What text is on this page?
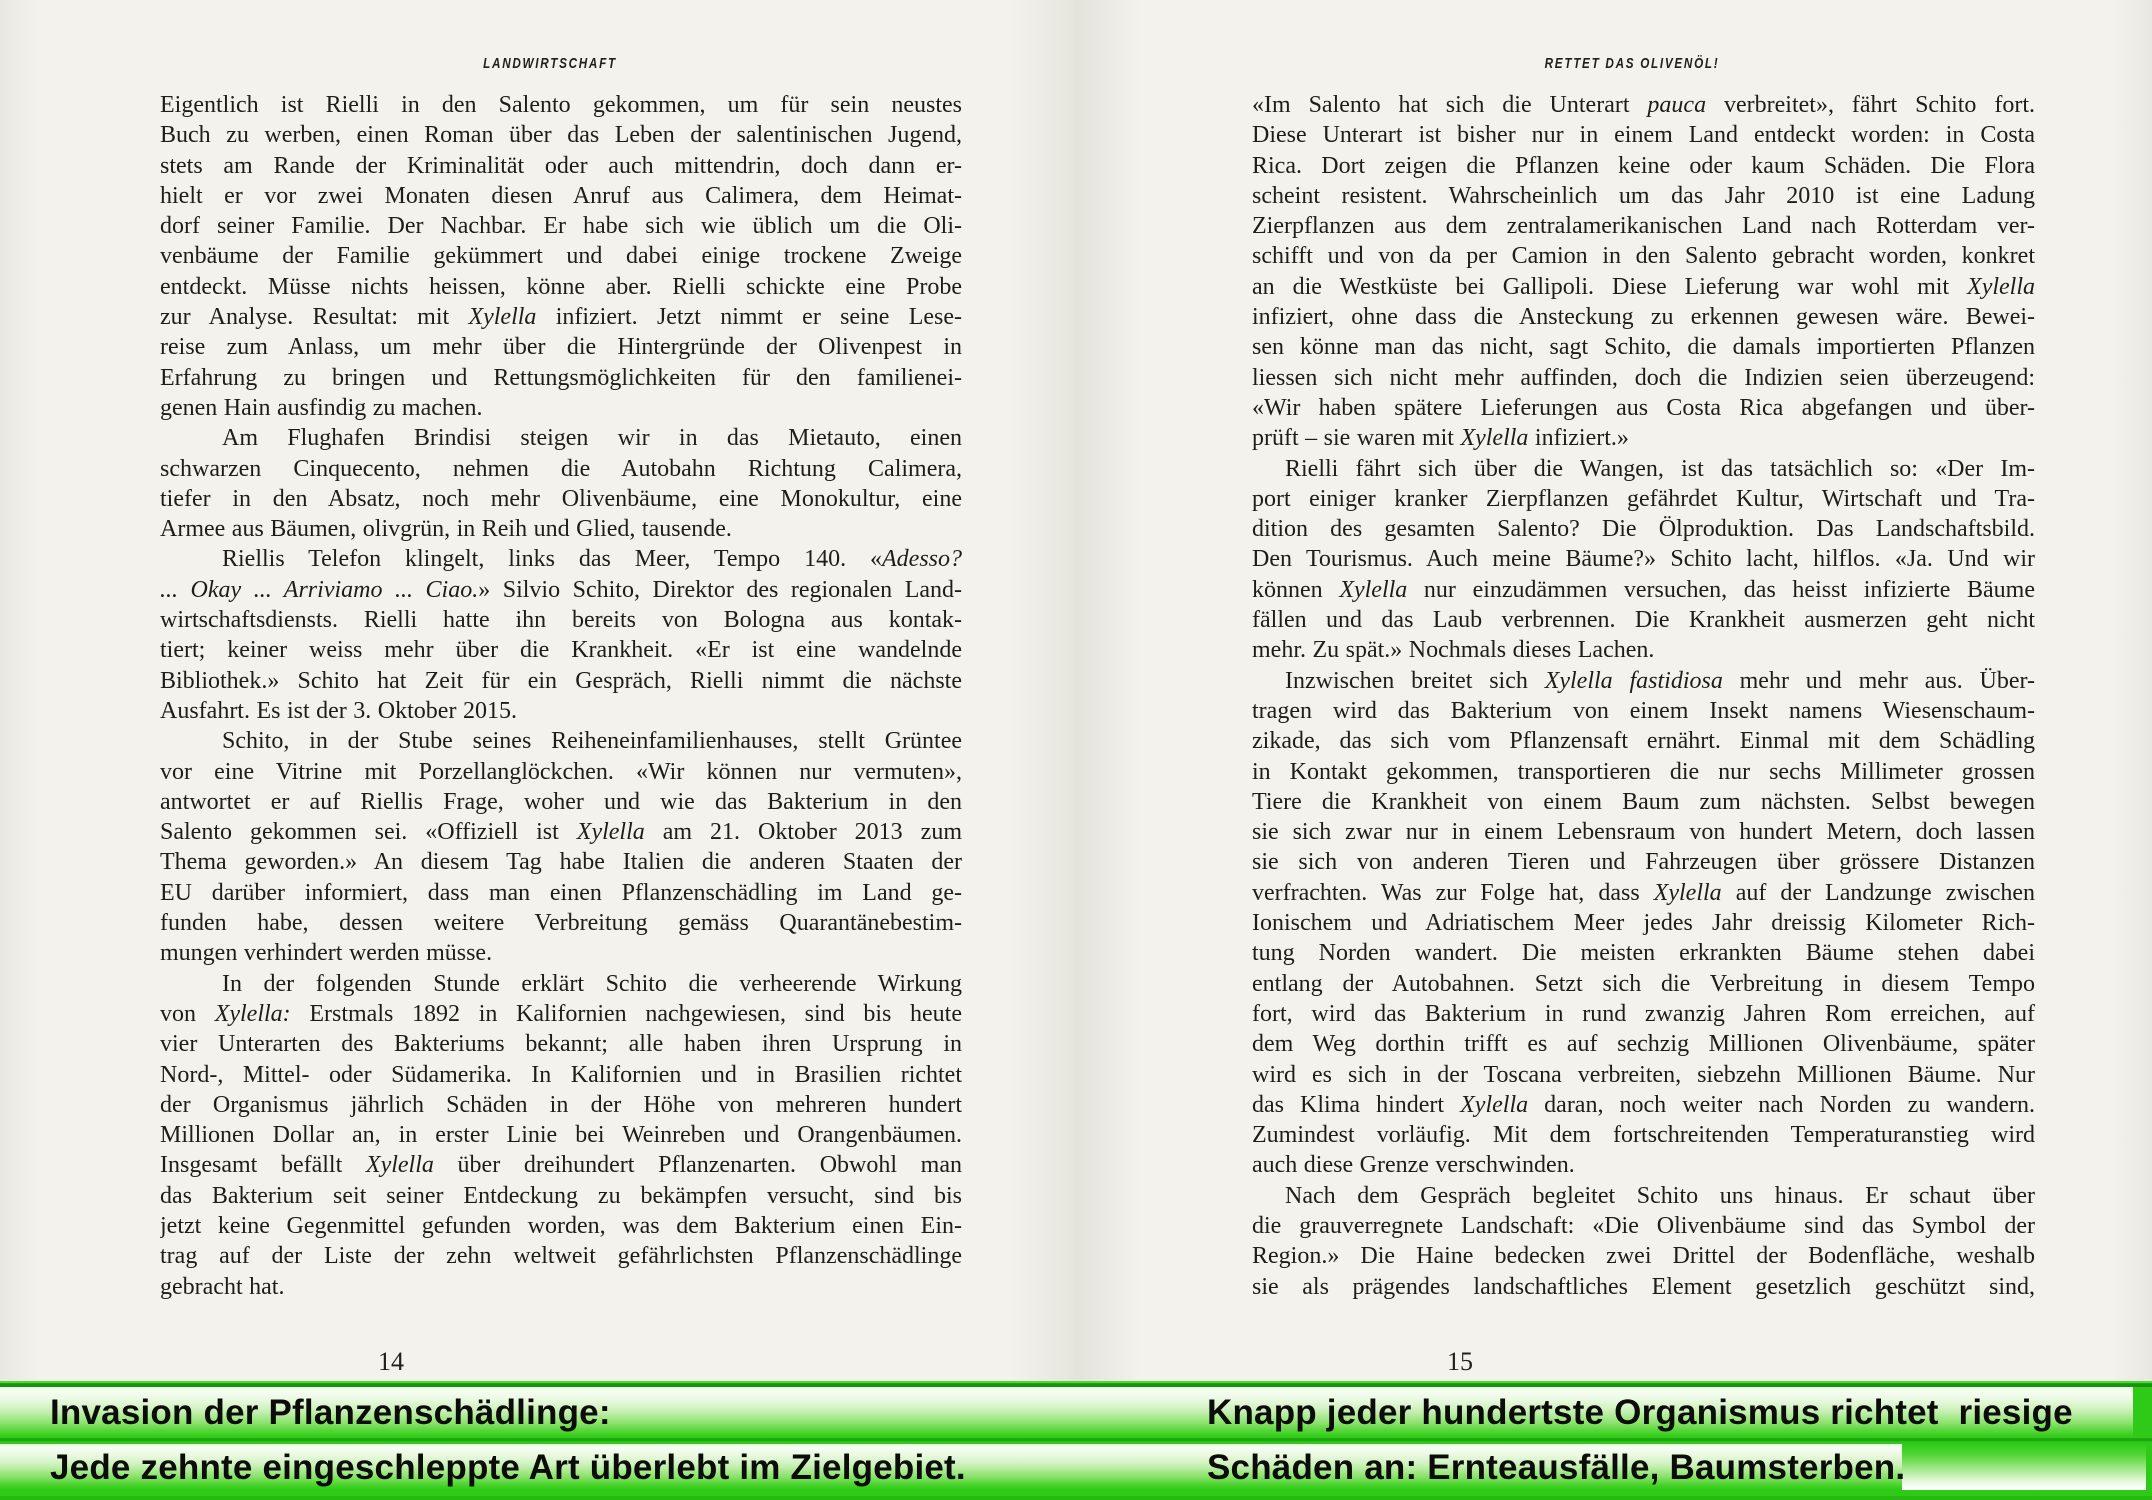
LANDWIRTSCHAFT	RETTET DAS OLIVENÖL!
Eigentlich ist Rielli in den Salento gekommen, um für sein neustes
Buch zu werben, einen Roman über das Leben der salentinischen Jugend,
stets am Rande der Kriminalität oder auch mittendrin, doch dann er-
hielt er vor zwei Monaten diesen Anruf aus Calimera, dem Heimat-
dorf seiner Familie. Der Nachbar. Er habe sich wie üblich um die Oli-
venbäume der Familie gekümmert und dabei einige trockene Zweige
entdeckt. Müsse nichts heissen, könne aber. Rielli schickte eine Probe
zur Analyse. Resultat: mit Xylella infiziert. Jetzt nimmt er seine Lese-
reise zum Anlass, um mehr über die Hintergründe der Olivenpest in
Erfahrung zu bringen und Rettungsmöglichkeiten für den familienei-
genen Hain ausfindig zu machen.
Am Flughafen Brindisi steigen wir in das Mietauto, einen
schwarzen Cinquecento, nehmen die Autobahn Richtung Calimera,
tiefer in den Absatz, noch mehr Olivenbäume, eine Monokultur, eine
Armee aus Bäumen, olivgrün, in Reih und Glied, tausende.
Riellis Telefon klingelt, links das Meer, Tempo 140. «Adesso?
... Okay ... Arriviamo ... Ciao.» Silvio Schito, Direktor des regionalen Land-
wirtschaftsdiensts. Rielli hatte ihn bereits von Bologna aus kontak-
tiert; keiner weiss mehr über die Krankheit. «Er ist eine wandelnde
Bibliothek.» Schito hat Zeit für ein Gespräch, Rielli nimmt die nächste
Ausfahrt. Es ist der 3. Oktober 2015.
Schito, in der Stube seines Reiheneinfamilienhauses, stellt Grüntee
vor eine Vitrine mit Porzellanglöckchen. «Wir können nur vermuten»,
antwortet er auf Riellis Frage, woher und wie das Bakterium in den
Salento gekommen sei. «Offiziell ist Xylella am 21. Oktober 2013 zum
Thema geworden.» An diesem Tag habe Italien die anderen Staaten der
EU darüber informiert, dass man einen Pflanzenschädling im Land ge-
funden habe, dessen weitere Verbreitung gemäss Quarantänebestim-
mungen verhindert werden müsse.
In der folgenden Stunde erklärt Schito die verheerende Wirkung
von Xylella: Erstmals 1892 in Kalifornien nachgewiesen, sind bis heute
vier Unterarten des Bakteriums bekannt; alle haben ihren Ursprung in
Nord-, Mittel- oder Südamerika. In Kalifornien und in Brasilien richtet
der Organismus jährlich Schäden in der Höhe von mehreren hundert
Millionen Dollar an, in erster Linie bei Weinreben und Orangenbäumen.
Insgesamt befällt Xylella über dreihundert Pflanzenarten. Obwohl man
das Bakterium seit seiner Entdeckung zu bekämpfen versucht, sind bis
jetzt keine Gegenmittel gefunden worden, was dem Bakterium einen Ein-
trag auf der Liste der zehn weltweit gefährlichsten Pflanzenschädlinge
gebracht hat.
«Im Salento hat sich die Unterart pauca verbreitet», fährt Schito fort.
Diese Unterart ist bisher nur in einem Land entdeckt worden: in Costa
Rica. Dort zeigen die Pflanzen keine oder kaum Schäden. Die Flora
scheint resistent. Wahrscheinlich um das Jahr 2010 ist eine Ladung
Zierpflanzen aus dem zentralamerikanischen Land nach Rotterdam ver-
schifft und von da per Camion in den Salento gebracht worden, konkret
an die Westküste bei Gallipoli. Diese Lieferung war wohl mit Xylella
infiziert, ohne dass die Ansteckung zu erkennen gewesen wäre. Bewei-
sen könne man das nicht, sagt Schito, die damals importierten Pflanzen
liessen sich nicht mehr auffinden, doch die Indizien seien überzeugend:
«Wir haben spätere Lieferungen aus Costa Rica abgefangen und über-
prüft – sie waren mit Xylella infiziert.»
Rielli fährt sich über die Wangen, ist das tatsächlich so: «Der Im-
port einiger kranker Zierpflanzen gefährdet Kultur, Wirtschaft und Tra-
dition des gesamten Salento? Die Ölproduktion. Das Landschaftsbild.
Den Tourismus. Auch meine Bäume?» Schito lacht, hilflos. «Ja. Und wir
können Xylella nur einzudämmen versuchen, das heisst infizierte Bäume
fällen und das Laub verbrennen. Die Krankheit ausmerzen geht nicht
mehr. Zu spät.» Nochmals dieses Lachen.
Inzwischen breitet sich Xylella fastidiosa mehr und mehr aus. Über-
tragen wird das Bakterium von einem Insekt namens Wiesenschaum-
zikade, das sich vom Pflanzensaft ernährt. Einmal mit dem Schädling
in Kontakt gekommen, transportieren die nur sechs Millimeter grossen
Tiere die Krankheit von einem Baum zum nächsten. Selbst bewegen
sie sich zwar nur in einem Lebensraum von hundert Metern, doch lassen
sie sich von anderen Tieren und Fahrzeugen über grössere Distanzen
verfrachten. Was zur Folge hat, dass Xylella auf der Landzunge zwischen
Ionischem und Adriatischem Meer jedes Jahr dreissig Kilometer Rich-
tung Norden wandert. Die meisten erkrankten Bäume stehen dabei
entlang der Autobahnen. Setzt sich die Verbreitung in diesem Tempo
fort, wird das Bakterium in rund zwanzig Jahren Rom erreichen, auf
dem Weg dorthin trifft es auf sechzig Millionen Olivenbäume, später
wird es sich in der Toscana verbreiten, siebzehn Millionen Bäume. Nur
das Klima hindert Xylella daran, noch weiter nach Norden zu wandern.
Zumindest vorläufig. Mit dem fortschreitenden Temperaturanstieg wird
auch diese Grenze verschwinden.
Nach dem Gespräch begleitet Schito uns hinaus. Er schaut über
die grauverregnete Landschaft: «Die Olivenbäume sind das Symbol der
Region.» Die Haine bedecken zwei Drittel der Bodenfläche, weshalb
sie als prägendes landschaftliches Element gesetzlich geschützt sind,
14	15
Invasion der Pflanzenschädlinge:	Knapp jeder hundertste Organismus richtet  riesige
Jede zehnte eingeschleppte Art überlebt im Zielgebiet.	Schäden an: Ernteausfälle, Baumsterben.
